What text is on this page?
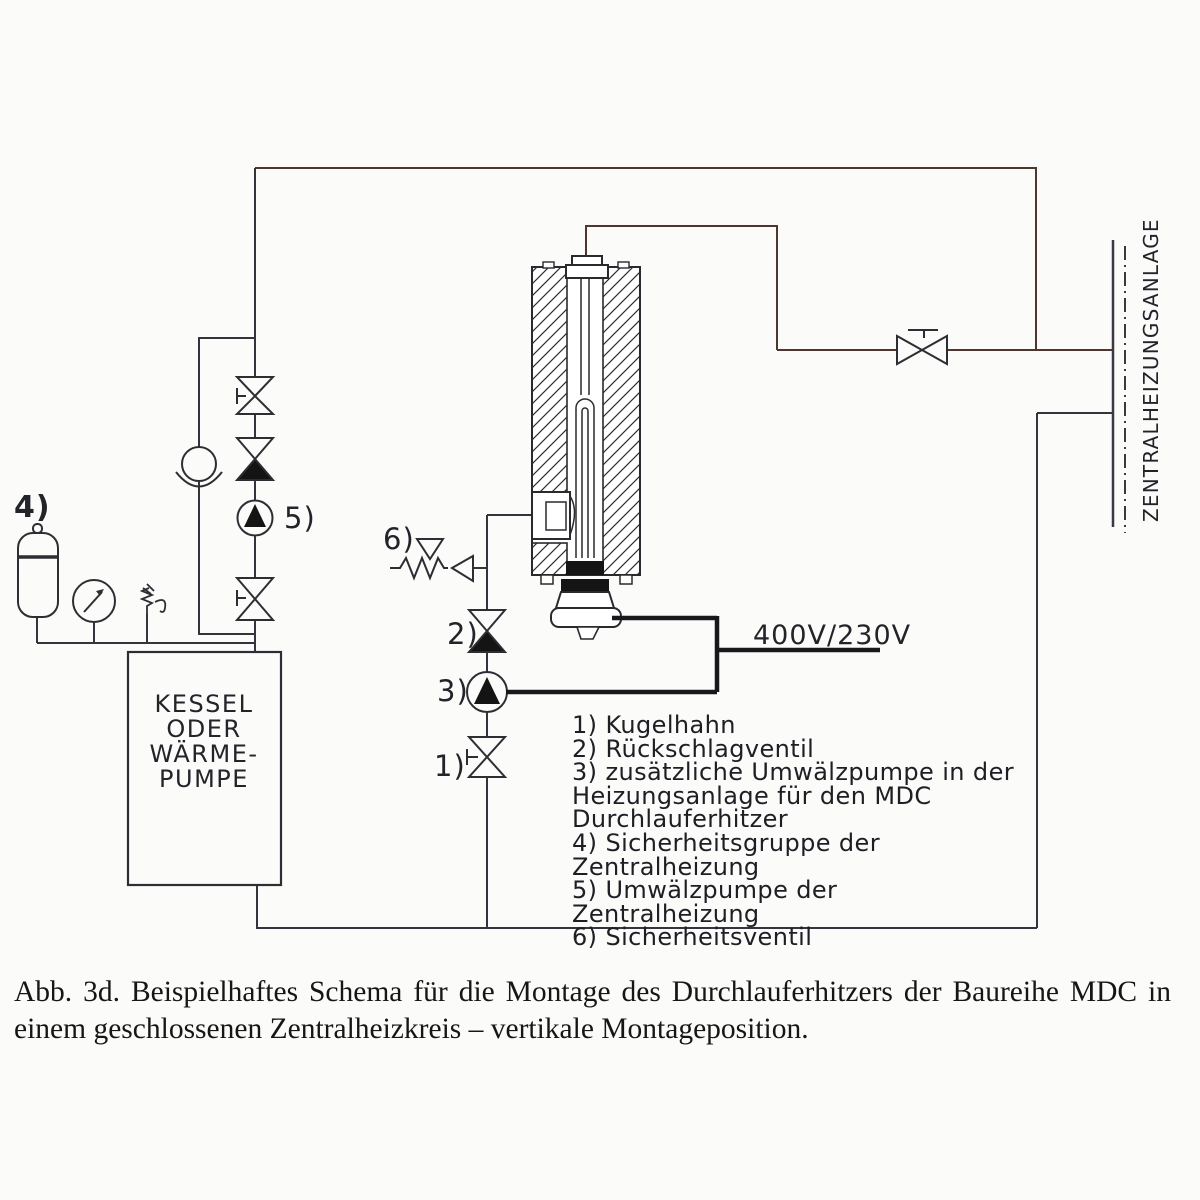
KESSEL
ODER
WÄRME-
PUMPE
ZENTRALHEIZUNGSANLAGE
4)	5)
6)
2)
3)
1)
400V/230V
1) Kugelhahn
2) Rückschlagventil
3) zusätzliche Umwälzpumpe in der
Heizungsanlage für den MDC
Durchlauferhitzer
4) Sicherheitsgruppe der Zentralheizung
5) Umwälzpumpe der Zentralheizung
6) Sicherheitsventil
Abb. 3d. Beispielhaftes Schema für die Montage des Durchlauferhitzers der Baureihe MDC in
einem geschlossenen Zentralheizkreis – vertikale Montageposition.
